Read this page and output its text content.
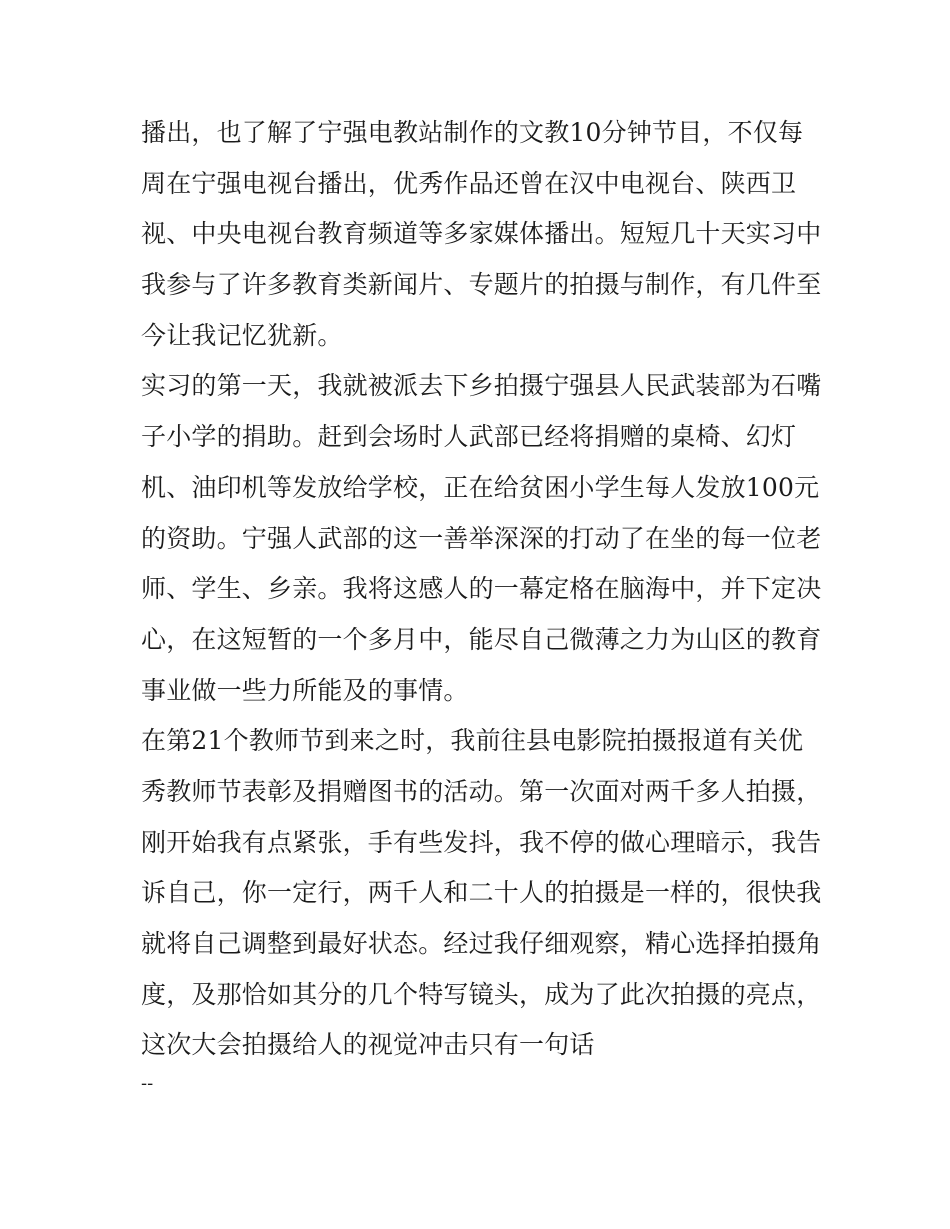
播出，也了解了宁强电教站制作的文教10分钟节目，不仅每
周在宁强电视台播出，优秀作品还曾在汉中电视台、陕西卫
视、中央电视台教育频道等多家媒体播出。短短几十天实习中
我参与了许多教育类新闻片、专题片的拍摄与制作，有几件至
今让我记忆犹新。
实习的第一天，我就被派去下乡拍摄宁强县人民武装部为石嘴
子小学的捐助。赶到会场时人武部已经将捐赠的桌椅、幻灯
机、油印机等发放给学校，正在给贫困小学生每人发放100元
的资助。宁强人武部的这一善举深深的打动了在坐的每一位老
师、学生、乡亲。我将这感人的一幕定格在脑海中，并下定决
心，在这短暂的一个多月中，能尽自己微薄之力为山区的教育
事业做一些力所能及的事情。
在第21个教师节到来之时，我前往县电影院拍摄报道有关优
秀教师节表彰及捐赠图书的活动。第一次面对两千多人拍摄，
刚开始我有点紧张，手有些发抖，我不停的做心理暗示，我告
诉自己，你一定行，两千人和二十人的拍摄是一样的，很快我
就将自己调整到最好状态。经过我仔细观察，精心选择拍摄角
度，及那恰如其分的几个特写镜头，成为了此次拍摄的亮点，
这次大会拍摄给人的视觉冲击只有一句话
--
